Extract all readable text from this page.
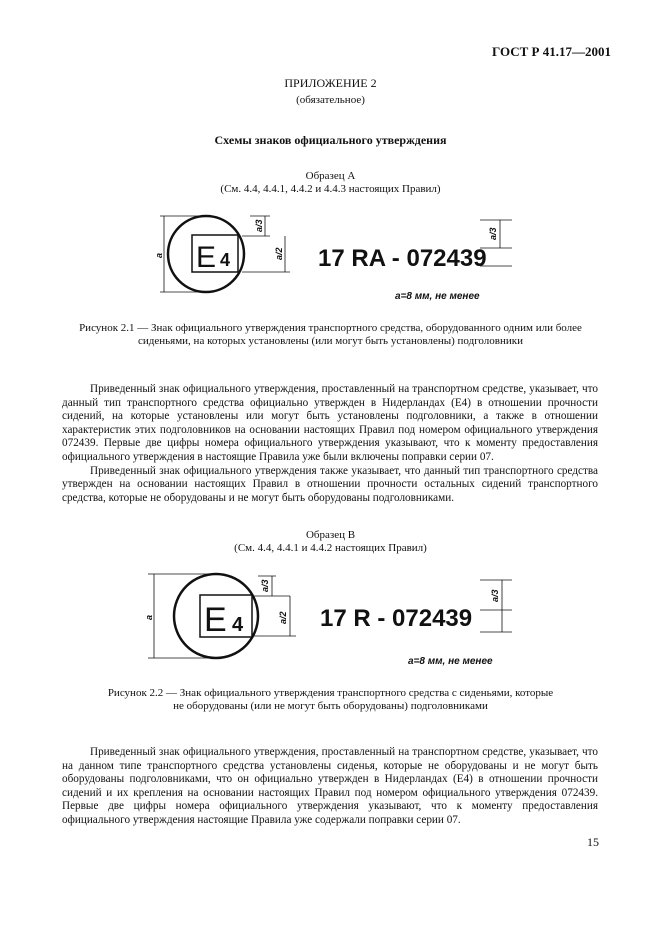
ГОСТ Р 41.17—2001
ПРИЛОЖЕНИЕ 2
(обязательное)
Схемы знаков официального утверждения
Образец А
(См. 4.4, 4.4.1, 4.4.2 и 4.4.3 настоящих Правил)
E 4
a
a/3
a/2 17 RA - 072439
a/3
a=8 мм, не менее
Рисунок 2.1 — Знак официального утверждения транспортного средства, оборудованного одним или более
сиденьями, на которых установлены (или могут быть установлены) подголовники

Приведенный знак официального утверждения, проставленный на транспортном средстве, указывает, что данный тип транспортного средства официально утвержден в Нидерландах (E4) в отношении прочности сидений, на которые установлены или могут быть установлены подголовники, а также в отношении характеристик этих подголовников на основании настоящих Правил под номером официального утверждения 072439. Первые две цифры номера официального утверждения указывают, что к моменту предоставления официального утверждения в настоящие Правила уже были включены поправки серии 07.

Приведенный знак официального утверждения также указывает, что данный тип транспортного средства утвержден на основании настоящих Правил в отношении прочности остальных сидений транспортного средства, которые не оборудованы и не могут быть оборудованы подголовниками.

Образец В
(См. 4.4, 4.4.1 и 4.4.2 настоящих Правил)
E 4
a
a/3
a/2 17 R - 072439
a/3
a=8 мм, не менее
Рисунок 2.2 — Знак официального утверждения транспортного средства с сиденьями, которые
не оборудованы (или не могут быть оборудованы) подголовниками

Приведенный знак официального утверждения, проставленный на транспортном средстве, указывает, что на данном типе транспортного средства установлены сиденья, которые не оборудованы и не могут быть оборудованы подголовниками, что он официально утвержден в Нидерландах (E4) в отношении прочности сидений и их крепления на основании настоящих Правил под номером официального утверждения 072439. Первые две цифры номера официального утверждения указывают, что к моменту предоставления официального утверждения настоящие Правила уже содержали поправки серии 07.

15
